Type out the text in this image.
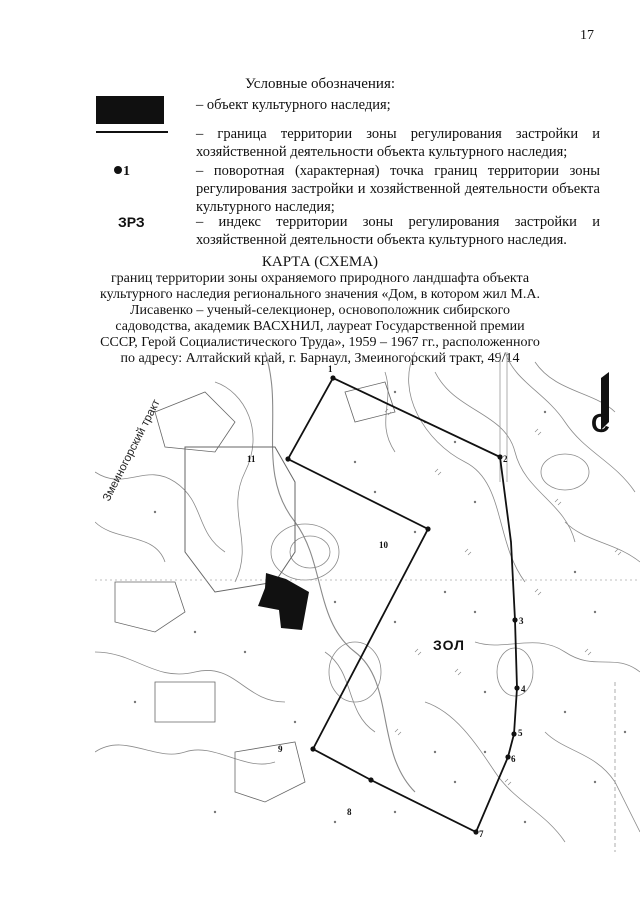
17
Условные обозначения:
– объект культурного наследия;
– граница территории зоны регулирования застройки и хозяйственной деятельности объекта культурного наследия;
1	– поворотная (характерная) точка границ территории зоны регулирования застройки и хозяйственной деятельности объекта культурного наследия;
ЗРЗ	– индекс территории зоны регулирования застройки и хозяйственной деятельности объекта культурного наследия.
КАРТА (СХЕМА)
границ территории зоны охраняемого природного ландшафта объекта культурного наследия регионального значения «Дом, в котором жил М.А. Лисавенко – ученый-селекционер, основоположник сибирского садоводства, академик ВАСХНИЛ, лауреат Государственной премии СССР, Герой Социалистического Труда», 1959 – 1967 гг., расположенного по адресу: Алтайский край, г. Барнаул, Змеиногорский тракт, 49/14
Змеиногорский тракт
1
2
3
4
5
6
7
8
9
10
11
ЗОЛ
С
